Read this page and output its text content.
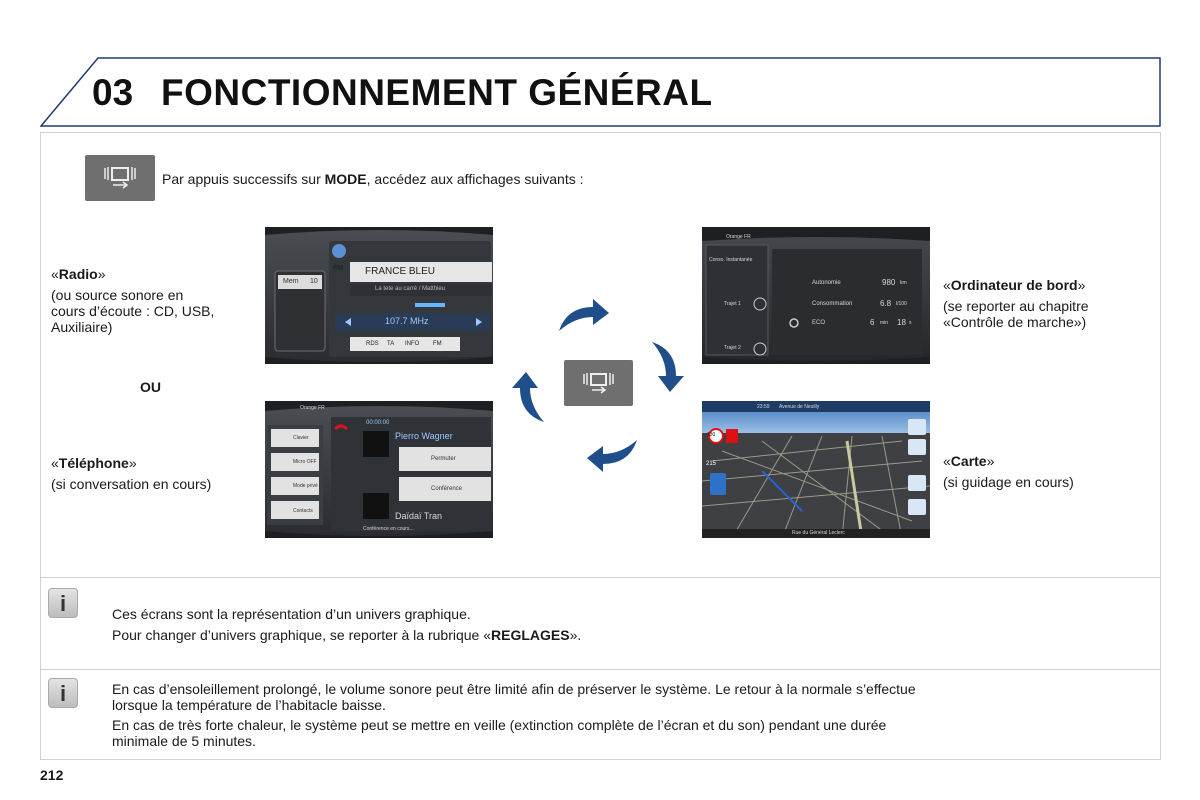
03 FONCTIONNEMENT GÉNÉRAL
Par appuis successifs sur MODE, accédez aux affichages suivants :
«Radio»
(ou source sonore en
cours d’écoute : CD, USB,
Auxiliaire)
OU
«Téléphone»
(si conversation en cours)
«Ordinateur de bord»
(se reporter au chapitre
«Contrôle de marche»)
«Carte»
(si guidage en cours)
FM
Mem 10
FRANCE BLEU
La tete au carré / Matthieu
107.7 MHz
RDS TA INFO FM
Orange FR
00:00:00
Pierro Wagner
Daïdaï Tran
Conférence en cours...
Clavier
Micro OFF
Mode privé
Contacts
Permuter
Conférence
Orange FR
Conso. Instantanée
Trajet 1
Trajet 2
Autonomie	980 km
Consommation	6.8 l/100
ECO	6 min 18 s
23:59 Avenue de Neuilly
130
215
Rue du Général Leclerc
i	Ces écrans sont la représentation d’un univers graphique.
Pour changer d’univers graphique, se reporter à la rubrique «REGLAGES».
i	En cas d’ensoleillement prolongé, le volume sonore peut être limité afin de préserver le système. Le retour à la normale s’effectue
lorsque la température de l’habitacle baisse.
En cas de très forte chaleur, le système peut se mettre en veille (extinction complète de l’écran et du son) pendant une durée
minimale de 5 minutes.
212
